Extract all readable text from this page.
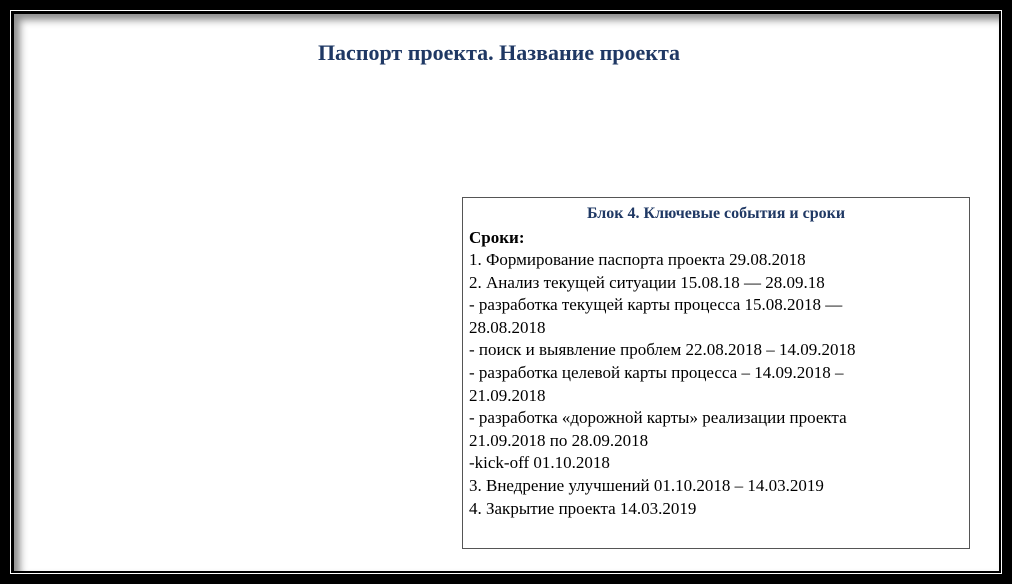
Паспорт проекта. Название проекта
Блок 4. Ключевые события и сроки
Сроки:
1. Формирование паспорта проекта 29.08.2018
2. Анализ текущей ситуации 15.08.18 — 28.09.18
- разработка текущей карты процесса 15.08.2018 —
28.08.2018
- поиск и выявление проблем 22.08.2018 – 14.09.2018
- разработка целевой карты процесса – 14.09.2018 –
21.09.2018
- разработка «дорожной карты» реализации проекта
21.09.2018 по 28.09.2018
-kick-off 01.10.2018
3. Внедрение улучшений 01.10.2018 – 14.03.2019
4. Закрытие проекта 14.03.2019
